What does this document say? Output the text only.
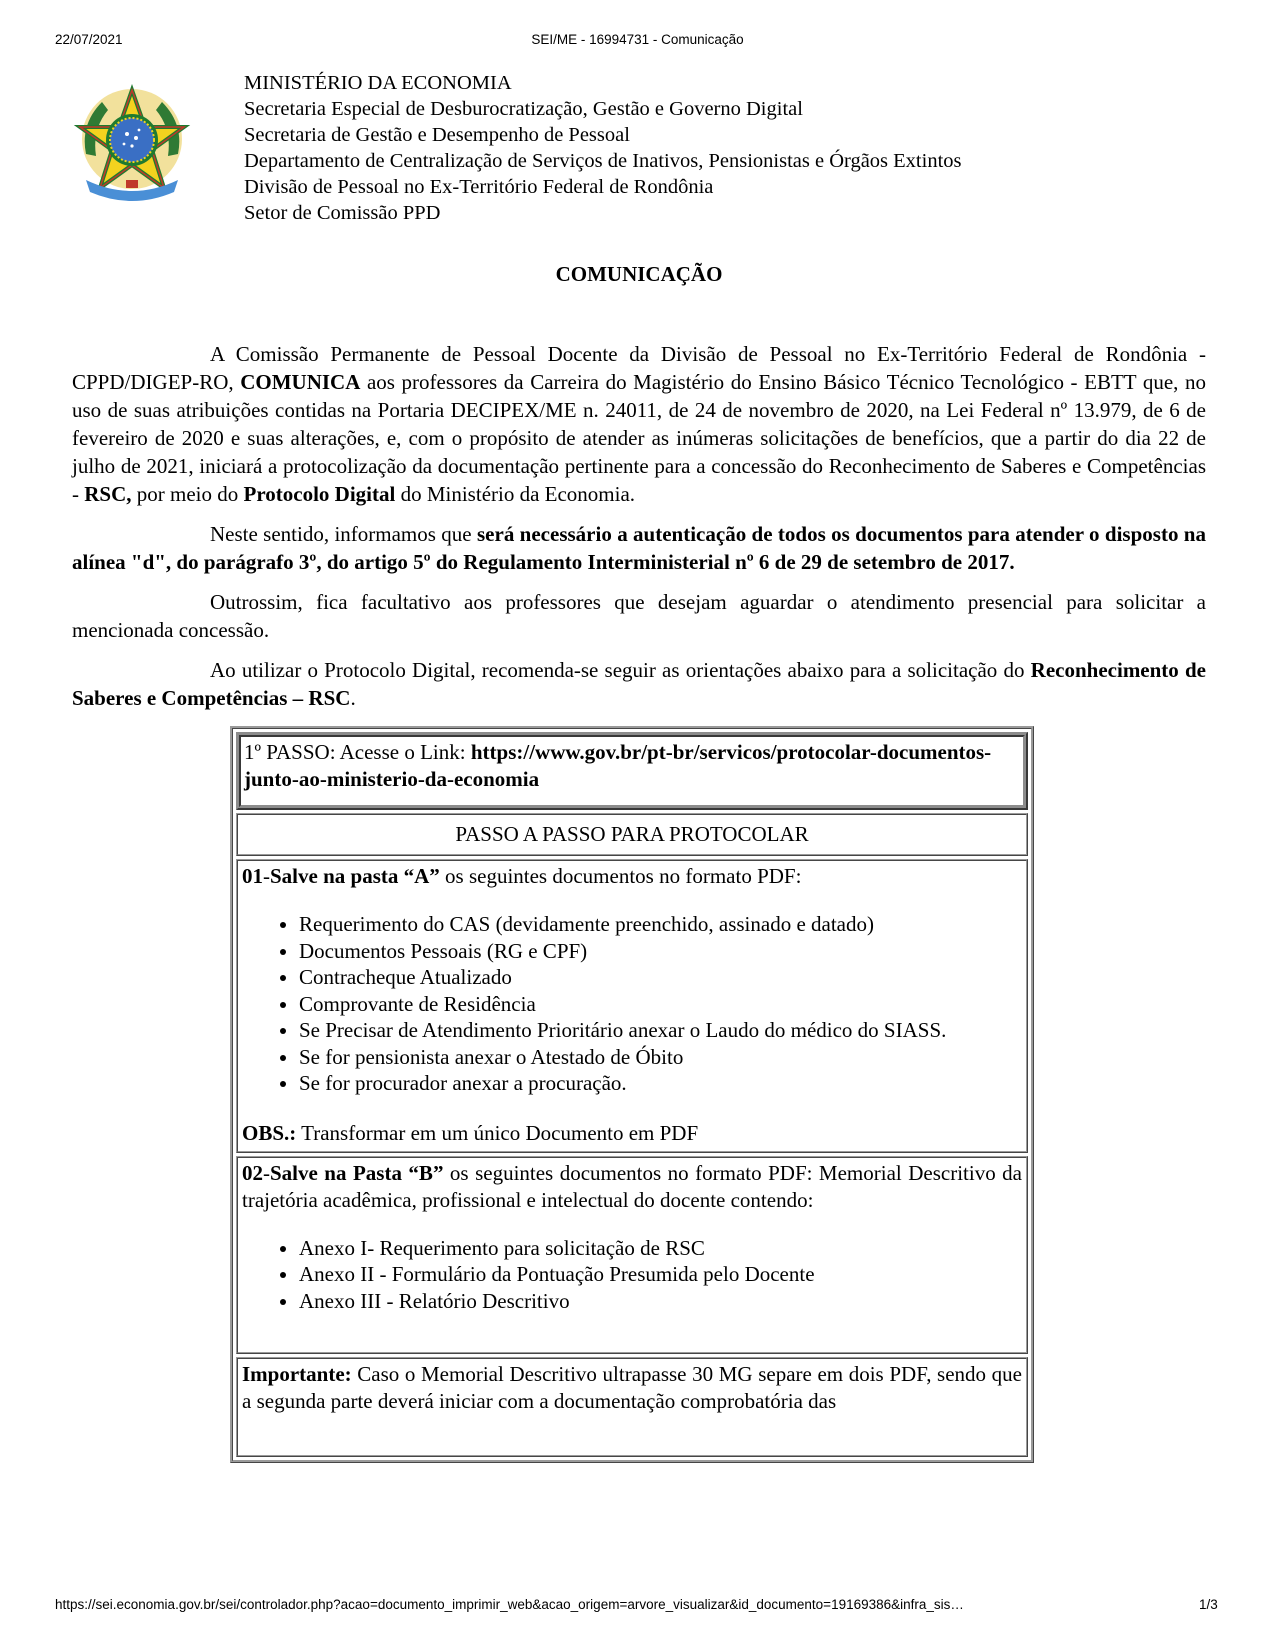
22/07/2021	SEI/ME - 16994731 - Comunicação
MINISTÉRIO DA ECONOMIA
Secretaria Especial de Desburocratização, Gestão e Governo Digital
Secretaria de Gestão e Desempenho de Pessoal
Departamento de Centralização de Serviços de Inativos, Pensionistas e Órgãos Extintos
Divisão de Pessoal no Ex-Território Federal de Rondônia
Setor de Comissão PPD
COMUNICAÇÃO

A Comissão Permanente de Pessoal Docente da Divisão de Pessoal no Ex-Território Federal de Rondônia - CPPD/DIGEP-RO, COMUNICA aos professores da Carreira do Magistério do Ensino Básico Técnico Tecnológico - EBTT que, no uso de suas atribuições contidas na Portaria DECIPEX/ME n. 24011, de 24 de novembro de 2020, na Lei Federal nº 13.979, de 6 de fevereiro de 2020 e suas alterações, e, com o propósito de atender as inúmeras solicitações de benefícios, que a partir do dia 22 de julho de 2021, iniciará a protocolização da documentação pertinente para a concessão do Reconhecimento de Saberes e Competências - RSC, por meio do Protocolo Digital do Ministério da Economia.

Neste sentido, informamos que será necessário a autenticação de todos os documentos para atender o disposto na alínea "d", do parágrafo 3º, do artigo 5º do Regulamento Interministerial nº 6 de 29 de setembro de 2017.

Outrossim, fica facultativo aos professores que desejam aguardar o atendimento presencial para solicitar a mencionada concessão.

Ao utilizar o Protocolo Digital, recomenda-se seguir as orientações abaixo para a solicitação do Reconhecimento de Saberes e Competências – RSC.

1º PASSO: Acesse o Link: https://www.gov.br/pt-br/servicos/protocolar-documentos-junto-ao-ministerio-da-economia
PASSO A PASSO PARA PROTOCOLAR

01-Salve na pasta “A” os seguintes documentos no formato PDF:
• Requerimento do CAS (devidamente preenchido, assinado e datado)
• Documentos Pessoais (RG e CPF)
• Contracheque Atualizado
• Comprovante de Residência
• Se Precisar de Atendimento Prioritário anexar o Laudo do médico do SIASS.
• Se for pensionista anexar o Atestado de Óbito
• Se for procurador anexar a procuração.
OBS.: Transformar em um único Documento em PDF

02-Salve na Pasta “B” os seguintes documentos no formato PDF: Memorial Descritivo da trajetória acadêmica, profissional e intelectual do docente contendo:
• Anexo I- Requerimento para solicitação de RSC
• Anexo II - Formulário da Pontuação Presumida pelo Docente
• Anexo III - Relatório Descritivo

Importante: Caso o Memorial Descritivo ultrapasse 30 MG separe em dois PDF, sendo que a segunda parte deverá iniciar com a documentação comprobatória das
https://sei.economia.gov.br/sei/controlador.php?acao=documento_imprimir_web&acao_origem=arvore_visualizar&id_documento=19169386&infra_sis…	1/3
